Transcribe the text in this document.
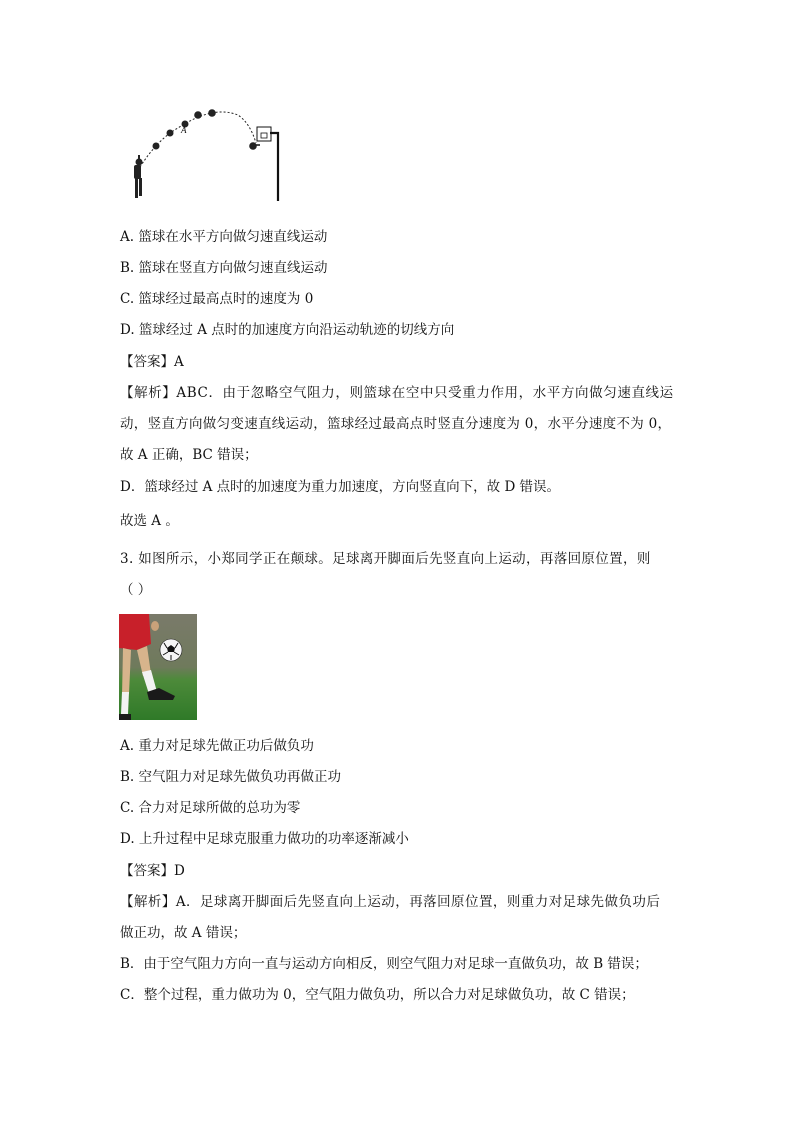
A
A. 篮球在水平方向做匀速直线运动
B. 篮球在竖直方向做匀速直线运动
C. 篮球经过最高点时的速度为 0
D. 篮球经过 A 点时的加速度方向沿运动轨迹的切线方向
【答案】A
【解析】ABC．由于忽略空气阻力，则篮球在空中只受重力作用，水平方向做匀速直线运
动，竖直方向做匀变速直线运动，篮球经过最高点时竖直分速度为 0，水平分速度不为 0，
故 A 正确，BC 错误；
D．篮球经过 A 点时的加速度为重力加速度，方向竖直向下，故 D 错误。
故选 A 。
3. 如图所示，小郑同学正在颠球。足球离开脚面后先竖直向上运动，再落回原位置，则
（ ）
A. 重力对足球先做正功后做负功
B. 空气阻力对足球先做负功再做正功
C. 合力对足球所做的总功为零
D. 上升过程中足球克服重力做功的功率逐渐减小
【答案】D
【解析】A．足球离开脚面后先竖直向上运动，再落回原位置，则重力对足球先做负功后
做正功，故 A 错误；
B．由于空气阻力方向一直与运动方向相反，则空气阻力对足球一直做负功，故 B 错误；
C．整个过程，重力做功为 0，空气阻力做负功，所以合力对足球做负功，故 C 错误；
